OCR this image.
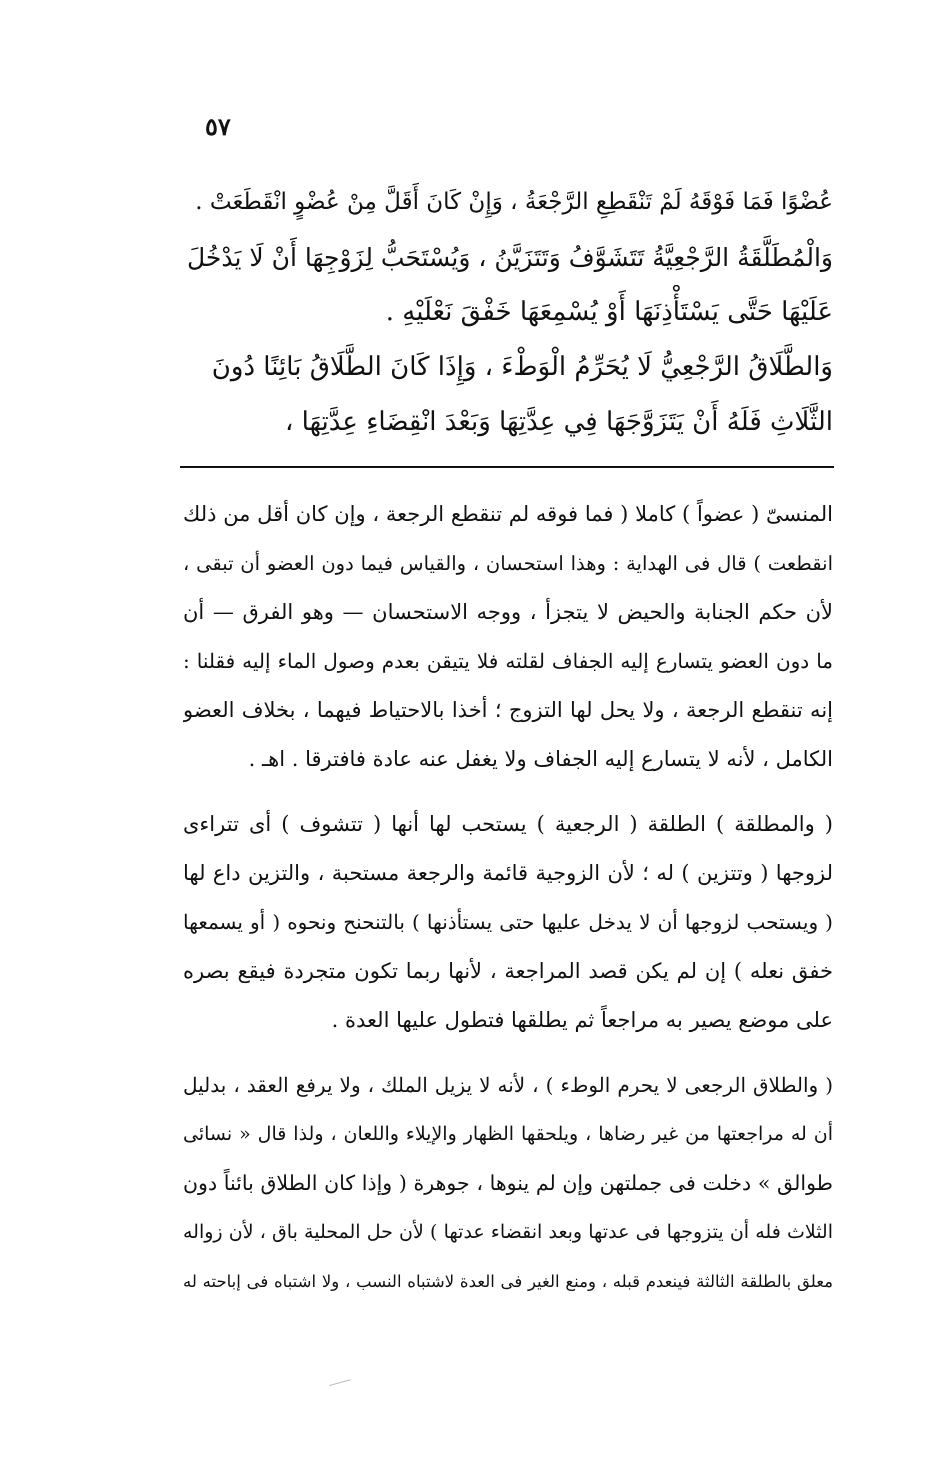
٥٧
عُضْوًا فَمَا فَوْقَهُ لَمْ تَنْقَطِعِ الرَّجْعَةُ ، وَإِنْ كَانَ أَقَلَّ مِنْ عُضْوٍ انْقَطَعَتْ .
وَالْمُطَلَّقَةُ الرَّجْعِيَّةُ تَتَشَوَّفُ وَتَتَزَيَّنُ ، وَيُسْتَحَبُّ لِزَوْجِهَا أَنْ لَا يَدْخُلَ
عَلَيْهَا حَتَّى يَسْتَأْذِنَهَا أَوْ يُسْمِعَهَا خَفْقَ نَعْلَيْهِ .
وَالطَّلَاقُ الرَّجْعِيُّ لَا يُحَرِّمُ الْوَطْءَ ، وَإِذَا كَانَ الطَّلَاقُ بَائِنًا دُونَ
الثَّلَاثِ فَلَهُ أَنْ يَتَزَوَّجَهَا فِي عِدَّتِهَا وَبَعْدَ انْقِضَاءِ عِدَّتِهَا ،
المنسىّ ( عضواً ) كاملا ( فما فوقه لم تنقطع الرجعة ، وإن كان أقل من ذلك
انقطعت ) قال فى الهداية : وهذا استحسان ، والقياس فيما دون العضو أن تبقى ،
لأن حكم الجنابة والحيض لا يتجزأ ، ووجه الاستحسان — وهو الفرق — أن
ما دون العضو يتسارع إليه الجفاف لقلته فلا يتيقن بعدم وصول الماء إليه فقلنا :
إنه تنقطع الرجعة ، ولا يحل لها التزوج ؛ أخذا بالاحتياط فيهما ، بخلاف العضو
الكامل ، لأنه لا يتسارع إليه الجفاف ولا يغفل عنه عادة فافترقا . اهـ .
( والمطلقة ) الطلقة ( الرجعية ) يستحب لها أنها ( تتشوف ) أى تتراءى
لزوجها ( وتتزين ) له ؛ لأن الزوجية قائمة والرجعة مستحبة ، والتزين داع لها
( ويستحب لزوجها أن لا يدخل عليها حتى يستأذنها ) بالتنحنح ونحوه ( أو يسمعها
خفق نعله ) إن لم يكن قصد المراجعة ، لأنها ربما تكون متجردة فيقع بصره
على موضع يصير به مراجعاً ثم يطلقها فتطول عليها العدة .
( والطلاق الرجعى لا يحرم الوطء ) ، لأنه لا يزيل الملك ، ولا يرفع العقد ، بدليل
أن له مراجعتها من غير رضاها ، ويلحقها الظهار والإيلاء واللعان ، ولذا قال « نسائى
طوالق » دخلت فى جملتهن وإن لم ينوها ، جوهرة ( وإذا كان الطلاق بائناً دون
الثلاث فله أن يتزوجها فى عدتها وبعد انقضاء عدتها ) لأن حل المحلية باق ، لأن زواله
معلق بالطلقة الثالثة فينعدم قبله ، ومنع الغير فى العدة لاشتباه النسب ، ولا اشتباه فى إباحته له
